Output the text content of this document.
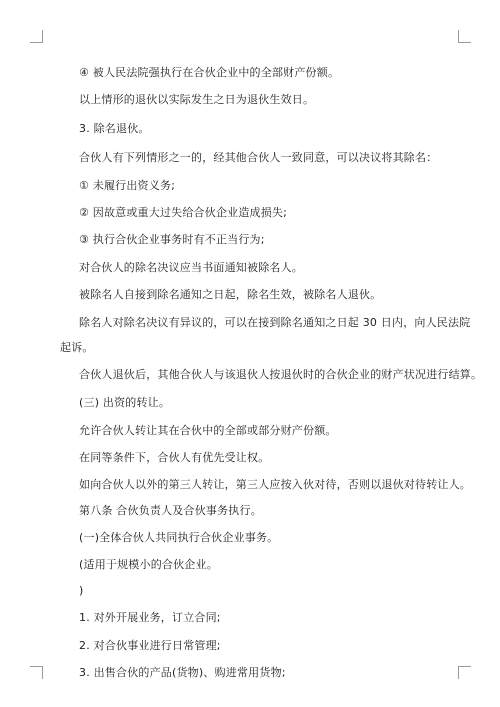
④ 被人民法院强执行在合伙企业中的全部财产份额。
以上情形的退伙以实际发生之日为退伙生效日。
3. 除名退伙。
合伙人有下列情形之一的，经其他合伙人一致同意，可以决议将其除名：
① 未履行出资义务;
② 因故意或重大过失给合伙企业造成损失;
③ 执行合伙企业事务时有不正当行为;
对合伙人的除名决议应当书面通知被除名人。
被除名人自接到除名通知之日起，除名生效，被除名人退伙。
除名人对除名决议有异议的，可以在接到除名通知之日起 30 日内，向人民法院
起诉。
合伙人退伙后，其他合伙人与该退伙人按退伙时的合伙企业的财产状况进行结算。
(三) 出资的转让。
允许合伙人转让其在合伙中的全部或部分财产份额。
在同等条件下，合伙人有优先受让权。
如向合伙人以外的第三人转让，第三人应按入伙对待，否则以退伙对待转让人。
第八条 合伙负责人及合伙事务执行。
(一)全体合伙人共同执行合伙企业事务。
(适用于规模小的合伙企业。
)
1. 对外开展业务，订立合同;
2. 对合伙事业进行日常管理;
3. 出售合伙的产品(货物)、购进常用货物;
